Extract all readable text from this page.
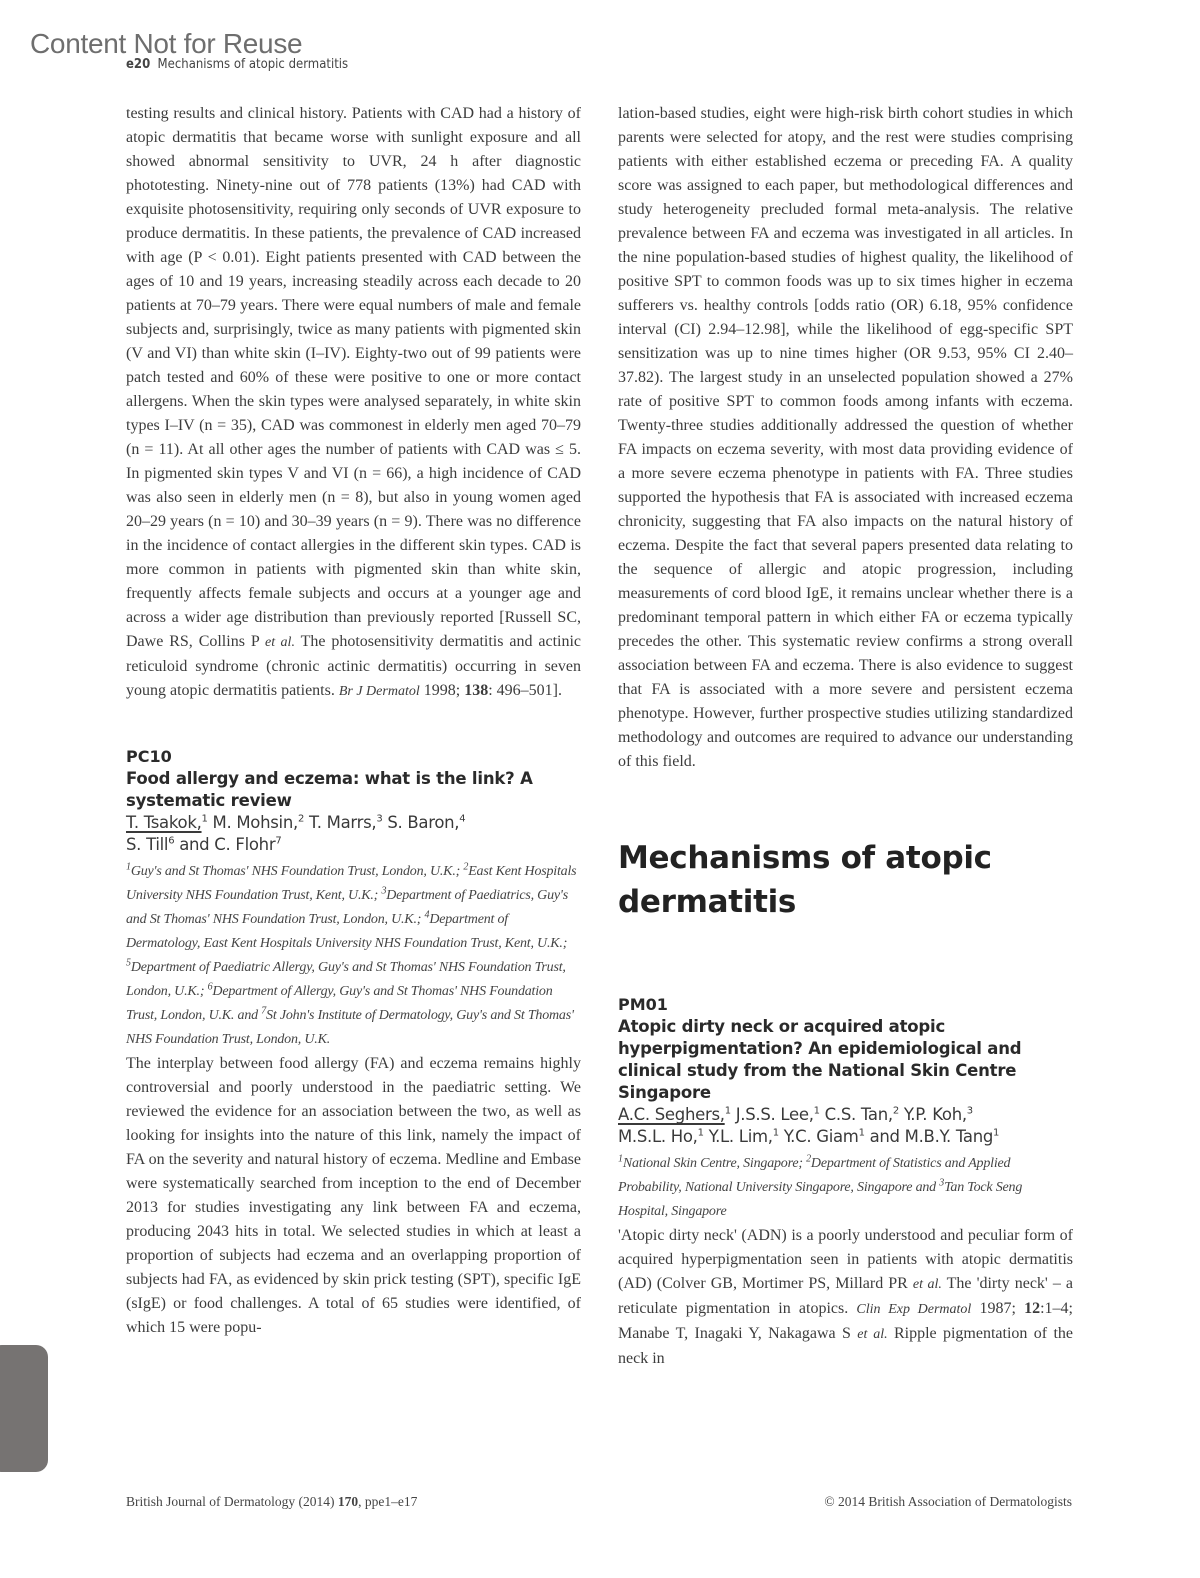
Content Not for Reuse
e20 Mechanisms of atopic dermatitis

testing results and clinical history. Patients with CAD had a history of atopic dermatitis that became worse with sunlight exposure and all showed abnormal sensitivity to UVR, 24 h after diagnostic phototesting. Ninety-nine out of 778 patients (13%) had CAD with exquisite photosensitivity, requiring only seconds of UVR exposure to produce dermatitis. In these patients, the prevalence of CAD increased with age (P < 0.01). Eight patients presented with CAD between the ages of 10 and 19 years, increasing steadily across each decade to 20 patients at 70–79 years. There were equal numbers of male and female subjects and, surprisingly, twice as many patients with pigmented skin (V and VI) than white skin (I–IV). Eighty-two out of 99 patients were patch tested and 60% of these were positive to one or more contact allergens. When the skin types were analysed separately, in white skin types I–IV (n = 35), CAD was commonest in elderly men aged 70–79 (n = 11). At all other ages the number of patients with CAD was ≤ 5. In pigmented skin types V and VI (n = 66), a high incidence of CAD was also seen in elderly men (n = 8), but also in young women aged 20–29 years (n = 10) and 30–39 years (n = 9). There was no difference in the incidence of contact allergies in the different skin types. CAD is more common in patients with pigmented skin than white skin, frequently affects female subjects and occurs at a younger age and across a wider age distribution than previously reported [Russell SC, Dawe RS, Collins P et al. The photosensitivity dermatitis and actinic reticuloid syndrome (chronic actinic dermatitis) occurring in seven young atopic dermatitis patients. Br J Dermatol 1998; 138: 496–501].

PC10
Food allergy and eczema: what is the link? A systematic review
T. Tsakok,$^1$ M. Mohsin,$^2$ T. Marrs,$^3$ S. Baron,$^4$
S. Till$^6$ and C. Flohr$^7$
$^1$Guy's and St Thomas' NHS Foundation Trust, London, U.K.; $^2$East Kent Hospitals University NHS Foundation Trust, Kent, U.K.; $^3$Department of Paediatrics, Guy's and St Thomas' NHS Foundation Trust, London, U.K.; $^4$Department of Dermatology, East Kent Hospitals University NHS Foundation Trust, Kent, U.K.; $^5$Department of Paediatric Allergy, Guy's and St Thomas' NHS Foundation Trust, London, U.K.; $^6$Department of Allergy, Guy's and St Thomas' NHS Foundation Trust, London, U.K. and $^7$St John's Institute of Dermatology, Guy's and St Thomas' NHS Foundation Trust, London, U.K.

The interplay between food allergy (FA) and eczema remains highly controversial and poorly understood in the paediatric setting. We reviewed the evidence for an association between the two, as well as looking for insights into the nature of this link, namely the impact of FA on the severity and natural history of eczema. Medline and Embase were systematically searched from inception to the end of December 2013 for studies investigating any link between FA and eczema, producing 2043 hits in total. We selected studies in which at least a proportion of subjects had eczema and an overlapping proportion of subjects had FA, as evidenced by skin prick testing (SPT), specific IgE (sIgE) or food challenges. A total of 65 studies were identified, of which 15 were popu-

lation-based studies, eight were high-risk birth cohort studies in which parents were selected for atopy, and the rest were studies comprising patients with either established eczema or preceding FA. A quality score was assigned to each paper, but methodological differences and study heterogeneity precluded formal meta-analysis. The relative prevalence between FA and eczema was investigated in all articles. In the nine population-based studies of highest quality, the likelihood of positive SPT to common foods was up to six times higher in eczema sufferers vs. healthy controls [odds ratio (OR) 6.18, 95% confidence interval (CI) 2.94–12.98], while the likelihood of egg-specific SPT sensitization was up to nine times higher (OR 9.53, 95% CI 2.40–37.82). The largest study in an unselected population showed a 27% rate of positive SPT to common foods among infants with eczema. Twenty-three studies additionally addressed the question of whether FA impacts on eczema severity, with most data providing evidence of a more severe eczema phenotype in patients with FA. Three studies supported the hypothesis that FA is associated with increased eczema chronicity, suggesting that FA also impacts on the natural history of eczema. Despite the fact that several papers presented data relating to the sequence of allergic and atopic progression, including measurements of cord blood IgE, it remains unclear whether there is a predominant temporal pattern in which either FA or eczema typically precedes the other. This systematic review confirms a strong overall association between FA and eczema. There is also evidence to suggest that FA is associated with a more severe and persistent eczema phenotype. However, further prospective studies utilizing standardized methodology and outcomes are required to advance our understanding of this field.

Mechanisms of atopic dermatitis
PM01
Atopic dirty neck or acquired atopic hyperpigmentation? An epidemiological and clinical study from the National Skin Centre Singapore
A.C. Seghers,$^1$ J.S.S. Lee,$^1$ C.S. Tan,$^2$ Y.P. Koh,$^3$
M.S.L. Ho,$^1$ Y.L. Lim,$^1$ Y.C. Giam$^1$ and M.B.Y. Tang$^1$
$^1$National Skin Centre, Singapore; $^2$Department of Statistics and Applied Probability, National University Singapore, Singapore and $^3$Tan Tock Seng Hospital, Singapore

'Atopic dirty neck' (ADN) is a poorly understood and peculiar form of acquired hyperpigmentation seen in patients with atopic dermatitis (AD) (Colver GB, Mortimer PS, Millard PR et al. The 'dirty neck' – a reticulate pigmentation in atopics. Clin Exp Dermatol 1987; 12:1–4; Manabe T, Inagaki Y, Nakagawa S et al. Ripple pigmentation of the neck in

British Journal of Dermatology (2014) 170, ppe1–e17	© 2014 British Association of Dermatologists
